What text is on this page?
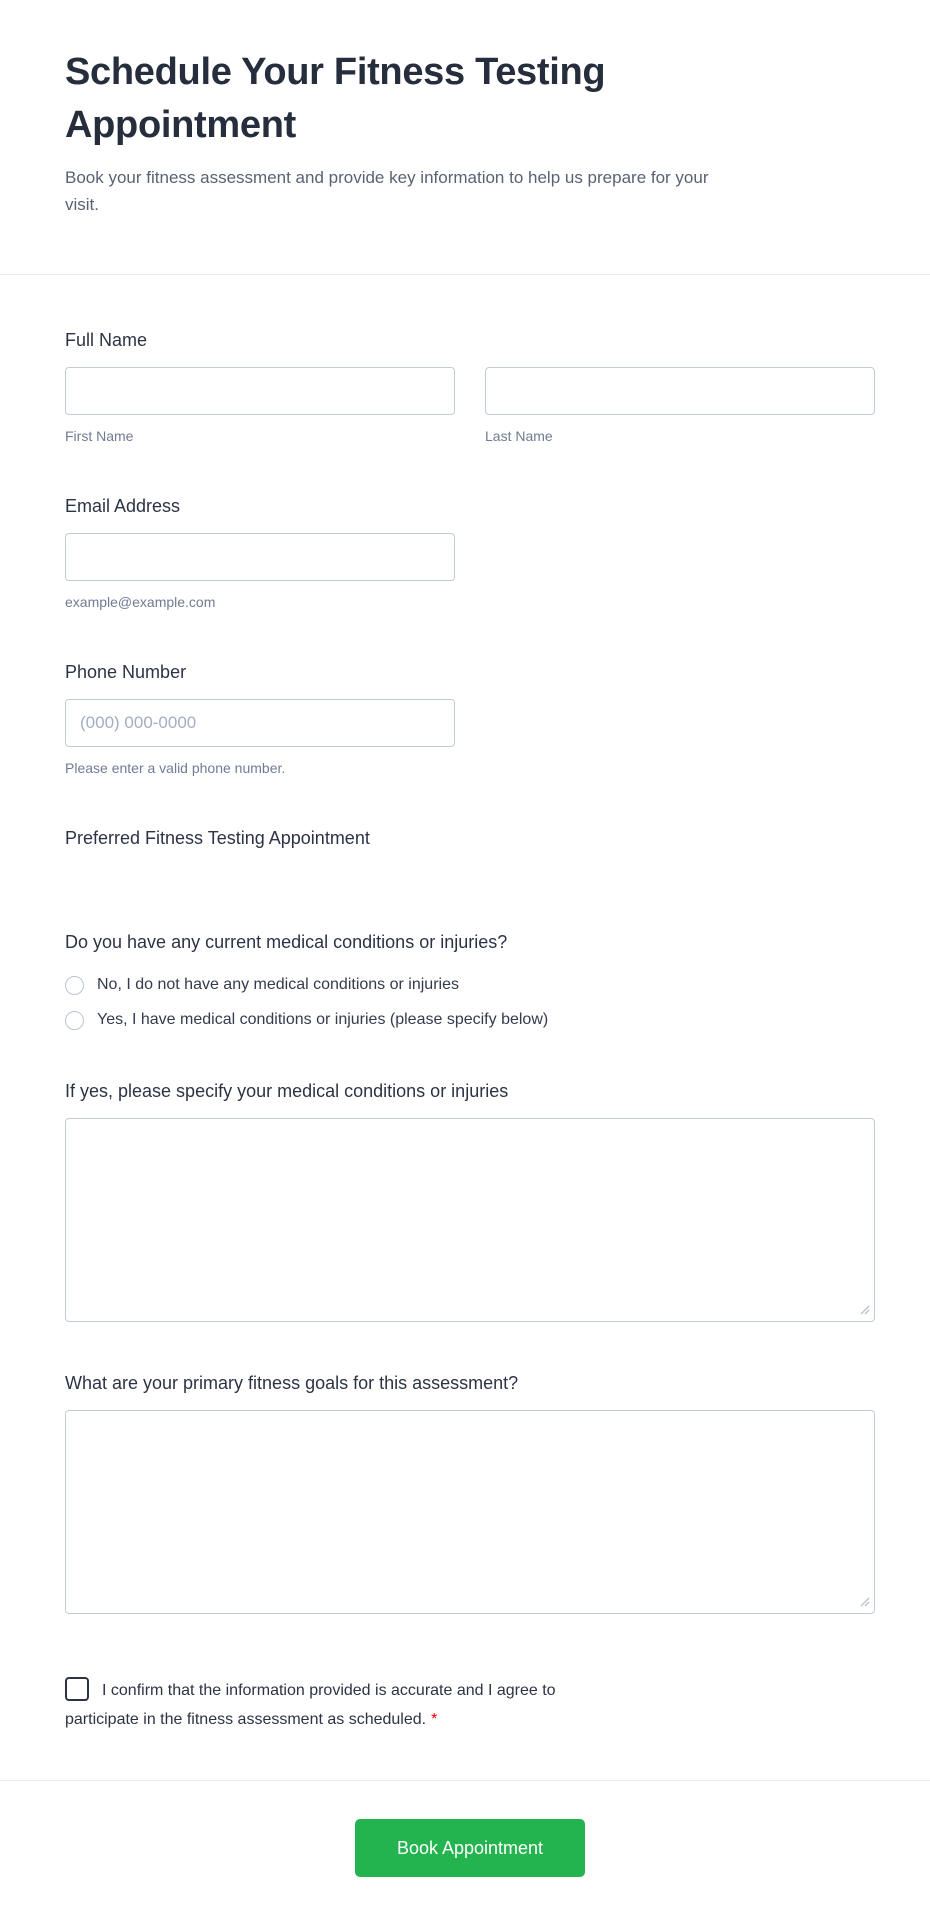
Schedule Your Fitness Testing Appointment

Book your fitness assessment and provide key information to help us prepare for your visit.

Full Name
First Name	Last Name
Email Address
example@example.com
Phone Number
(000) 000-0000
Please enter a valid phone number.
Preferred Fitness Testing Appointment
Do you have any current medical conditions or injuries?
No, I do not have any medical conditions or injuries
Yes, I have medical conditions or injuries (please specify below)
If yes, please specify your medical conditions or injuries
What are your primary fitness goals for this assessment?
I confirm that the information provided is accurate and I agree to participate in the fitness assessment as scheduled. *
Book Appointment
